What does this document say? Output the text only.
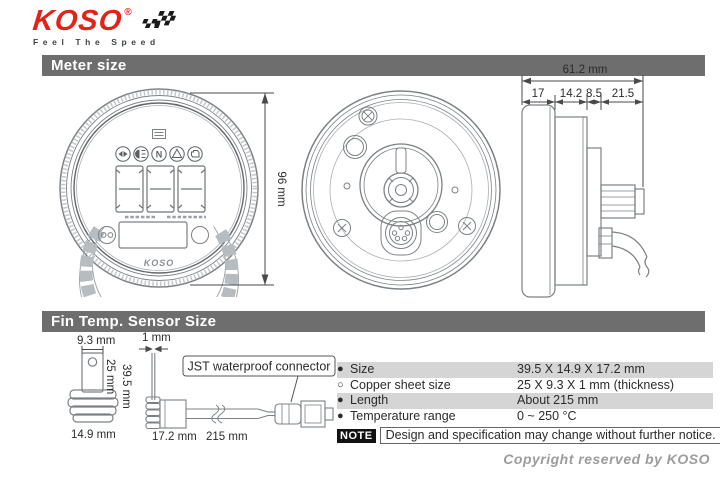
KOSO ®
Feel The Speed
Meter size
N
KOSO
96 mm
61.2 mm
17 14.2 8.5 21.5
Fin Temp. Sensor Size
9.3 mm
25 mm 39.5 mm
14.9 mm
1 mm
JST waterproof connector
17.2 mm 215 mm
● Size	39.5 X 14.9 X 17.2 mm
○ Copper sheet size	25 X 9.3 X 1 mm (thickness)
● Length	About 215 mm
● Temperature range	0 ~ 250 °C
NOTE	Design and specification may change without further notice.
Copyright reserved by KOSO
